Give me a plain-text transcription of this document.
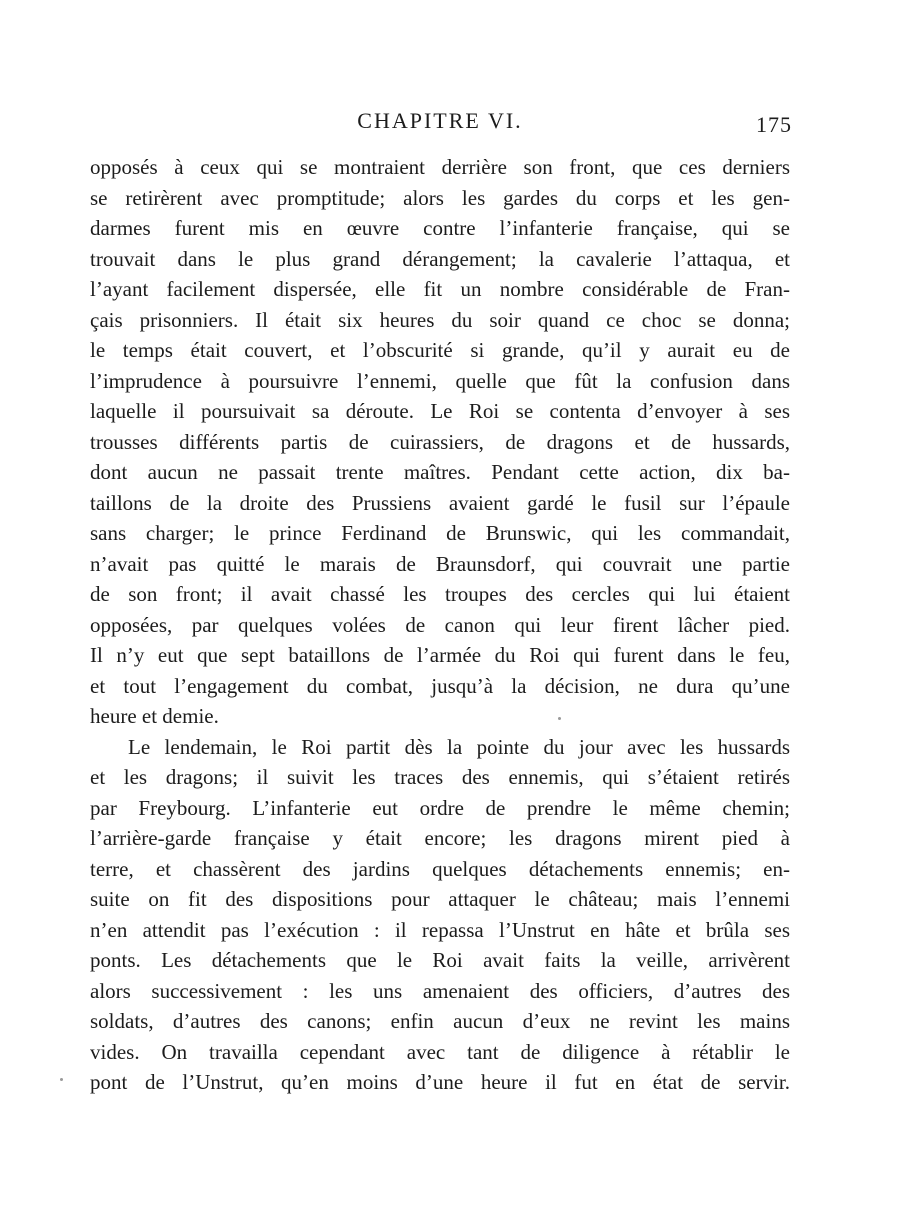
CHAPITRE VI.	175
opposés à ceux qui se montraient derrière son front, que ces derniers
se retirèrent avec promptitude; alors les gardes du corps et les gen-
darmes furent mis en œuvre contre l’infanterie française, qui se
trouvait dans le plus grand dérangement; la cavalerie l’attaqua, et
l’ayant facilement dispersée, elle fit un nombre considérable de Fran-
çais prisonniers. Il était six heures du soir quand ce choc se donna;
le temps était couvert, et l’obscurité si grande, qu’il y aurait eu de
l’imprudence à poursuivre l’ennemi, quelle que fût la confusion dans
laquelle il poursuivait sa déroute. Le Roi se contenta d’envoyer à ses
trousses différents partis de cuirassiers, de dragons et de hussards,
dont aucun ne passait trente maîtres. Pendant cette action, dix ba-
taillons de la droite des Prussiens avaient gardé le fusil sur l’épaule
sans charger; le prince Ferdinand de Brunswic, qui les commandait,
n’avait pas quitté le marais de Braunsdorf, qui couvrait une partie
de son front; il avait chassé les troupes des cercles qui lui étaient
opposées, par quelques volées de canon qui leur firent lâcher pied.
Il n’y eut que sept bataillons de l’armée du Roi qui furent dans le feu,
et tout l’engagement du combat, jusqu’à la décision, ne dura qu’une
heure et demie.
Le lendemain, le Roi partit dès la pointe du jour avec les hussards
et les dragons; il suivit les traces des ennemis, qui s’étaient retirés
par Freybourg. L’infanterie eut ordre de prendre le même chemin;
l’arrière-garde française y était encore; les dragons mirent pied à
terre, et chassèrent des jardins quelques détachements ennemis; en-
suite on fit des dispositions pour attaquer le château; mais l’ennemi
n’en attendit pas l’exécution : il repassa l’Unstrut en hâte et brûla ses
ponts. Les détachements que le Roi avait faits la veille, arrivèrent
alors successivement : les uns amenaient des officiers, d’autres des
soldats, d’autres des canons; enfin aucun d’eux ne revint les mains
vides. On travailla cependant avec tant de diligence à rétablir le
pont de l’Unstrut, qu’en moins d’une heure il fut en état de servir.
